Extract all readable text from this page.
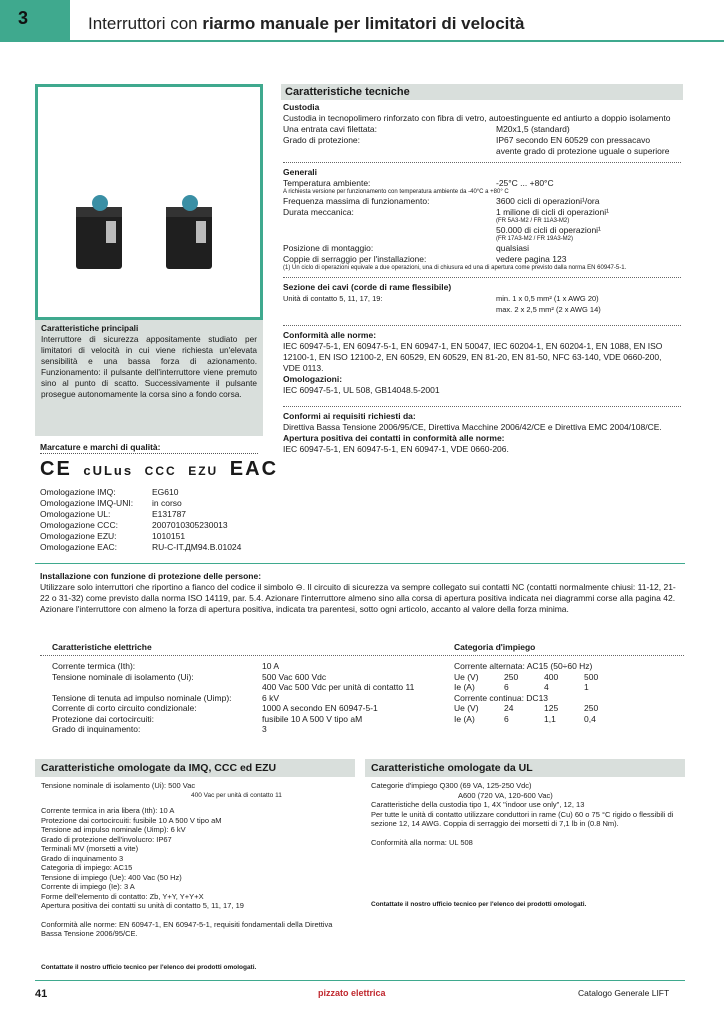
3	Interruttori con riarmo manuale per limitatori di velocità
Caratteristiche principali
Interruttore di sicurezza appositamente studiato per limitatori di velocità in cui viene richiesta un'elevata sensibilità e una bassa forza di azionamento. Funzionamento: il pulsante dell'interruttore viene premuto sino al punto di scatto. Successivamente il pulsante prosegue autonomamente la corsa sino a fondo corsa.
Marcature e marchi di qualità:
CE cULus CCC EZU EAC
Omologazione IMQ:	EG610
Omologazione IMQ-UNI:	in corso
Omologazione UL:	E131787
Omologazione CCC:	2007010305230013
Omologazione EZU:	1010151
Omologazione EAC:	RU-C-IT.ДМ94.В.01024
Caratteristiche tecniche
Custodia
Custodia in tecnopolimero rinforzato con fibra di vetro, autoestinguente ed antiurto a doppio isolamento
Una entrata cavi filettata:	M20x1,5 (standard)
Grado di protezione:	IP67 secondo EN 60529 con pressacavo avente grado di protezione uguale o superiore
Generali
Temperatura ambiente:	-25°C ... +80°C
A richiesta versione per funzionamento con temperatura ambiente da -40°C a +80° C
Frequenza massima di funzionamento:	3600 cicli di operazioni¹/ora
Durata meccanica:	1 milione di cicli di operazioni¹
(FR 5A3-M2 / FR 11A3-M2)
50.000 di cicli di operazioni¹
(FR 17A3-M2 / FR 19A3-M2)
Posizione di montaggio:	qualsiasi
Coppie di serraggio per l'installazione:	vedere pagina 123
(1) Un ciclo di operazioni equivale a due operazioni, una di chiusura ed una di apertura come previsto dalla norma EN 60947-5-1.
Sezione dei cavi (corde di rame flessibile)
Unità di contatto 5, 11, 17, 19:	min. 1 x 0,5 mm² (1 x AWG 20)
max. 2 x 2,5 mm² (2 x AWG 14)
Conformità alle norme:
IEC 60947-5-1, EN 60947-5-1, EN 60947-1, EN 50047, IEC 60204-1, EN 60204-1, EN 1088, EN ISO 12100-1, EN ISO 12100-2, EN 60529, EN 60529, EN 81-20, EN 81-50, NFC 63-140, VDE 0660-200, VDE 0113.
Omologazioni:
IEC 60947-5-1, UL 508, GB14048.5-2001
Conformi ai requisiti richiesti da:
Direttiva Bassa Tensione 2006/95/CE, Direttiva Macchine 2006/42/CE e Direttiva EMC 2004/108/CE.
Apertura positiva dei contatti in conformità alle norme:
IEC 60947-5-1, EN 60947-5-1, EN 60947-1, VDE 0660-206.
Installazione con funzione di protezione delle persone:
Utilizzare solo interruttori che riportino a fianco del codice il simbolo ⊖. Il circuito di sicurezza va sempre collegato sui contatti NC (contatti normalmente chiusi: 11-12, 21-22 o 31-32) come previsto dalla norma ISO 14119, par. 5.4. Azionare l'interruttore almeno sino alla corsa di apertura positiva indicata nei diagrammi corse alla pagina 42. Azionare l'interruttore con almeno la forza di apertura positiva, indicata tra parentesi, sotto ogni articolo, accanto al valore della forza minima.
Caratteristiche elettriche	Categoria d'impiego
Corrente termica (Ith):	10 A
Tensione nominale di isolamento (Ui):	500 Vac 600 Vdc
400 Vac 500 Vdc per unità di contatto 11
Tensione di tenuta ad impulso nominale (Uimp):	6 kV
Corrente di corto circuito condizionale:	1000 A secondo EN 60947-5-1
Protezione dai cortocircuiti:	fusibile 10 A 500 V tipo aM
Grado di inquinamento:	3
Corrente alternata: AC15 (50÷60 Hz)
Ue (V)	250	400	500
Ie (A)	6	4	1
Corrente continua: DC13
Ue (V)	24	125	250
Ie (A)	6	1,1	0,4
Caratteristiche omologate da IMQ, CCC ed EZU
Tensione nominale di isolamento (Ui): 500 Vac
400 Vac per unità di contatto 11
Corrente termica in aria libera (Ith): 10 A
Protezione dai cortocircuiti: fusibile 10 A 500 V tipo aM
Tensione ad impulso nominale (Uimp): 6 kV
Grado di protezione dell'involucro: IP67
Terminali MV (morsetti a vite)
Grado di inquinamento 3
Categoria di impiego: AC15
Tensione di impiego (Ue): 400 Vac (50 Hz)
Corrente di impiego (Ie): 3 A
Forme dell'elemento di contatto: Zb, Y+Y, Y+Y+X
Apertura positiva dei contatti su unità di contatto 5, 11, 17, 19
Conformità alle norme: EN 60947-1, EN 60947-5-1, requisiti fondamentali della Direttiva Bassa Tensione 2006/95/CE.
Contattate il nostro ufficio tecnico per l'elenco dei prodotti omologati.
Caratteristiche omologate da UL
Categorie d'impiego Q300 (69 VA, 125-250 Vdc)
A600 (720 VA, 120-600 Vac)
Caratteristiche della custodia tipo 1, 4X "indoor use only", 12, 13
Per tutte le unità di contatto utilizzare conduttori in rame (Cu) 60 o 75 °C rigido o flessibili di sezione 12, 14 AWG. Coppia di serraggio dei morsetti di 7,1 lb in (0.8 Nm).
Conformità alla norma: UL 508
Contattate il nostro ufficio tecnico per l'elenco dei prodotti omologati.
41	pizzato elettrica	Catalogo Generale LIFT
